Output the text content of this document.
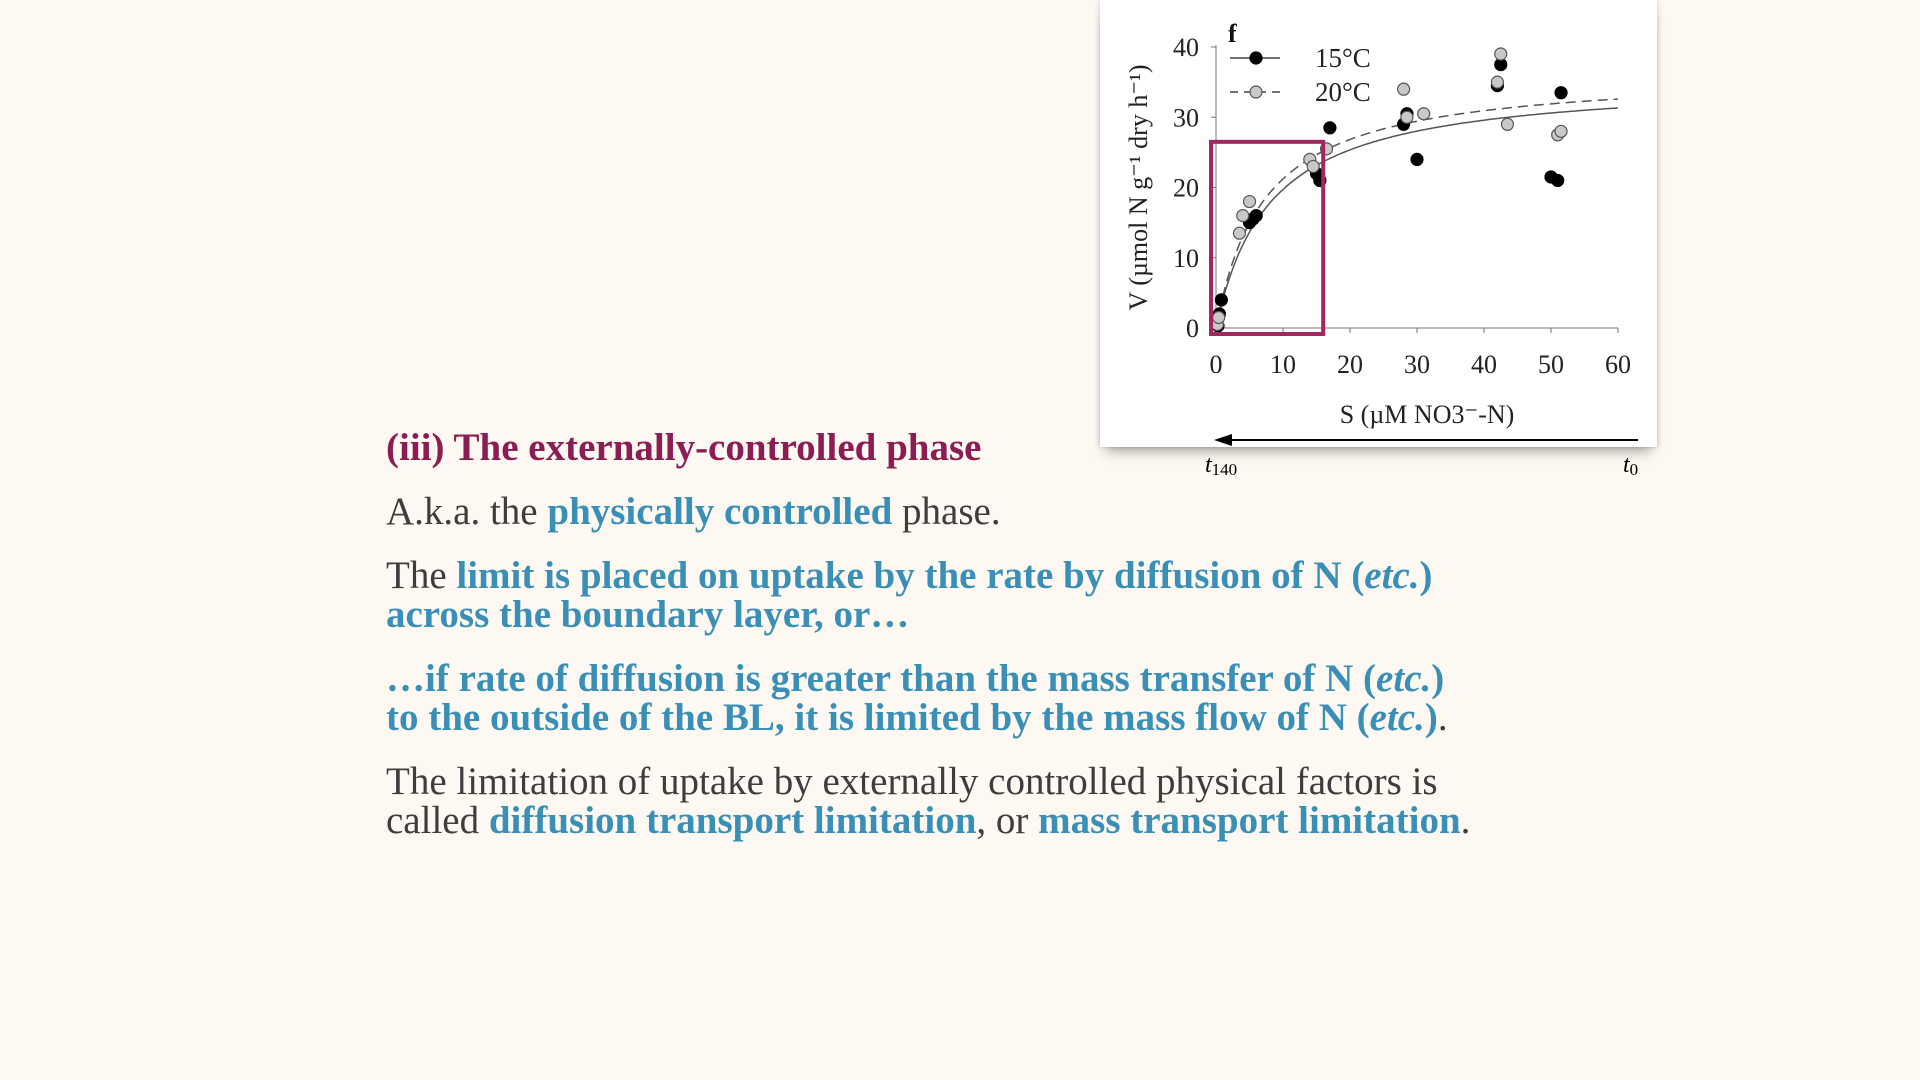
0 10 20 30 40 50 60
0
10
20
30
40
S (µM NO3⁻-N)
V (µmol N g⁻¹ dry h⁻¹)
f
15°C
20°C
$t_{140}$	$t_0$
(iii) The externally-controlled phase
A.k.a. the physically controlled phase.
The limit is placed on uptake by the rate by diffusion of N (etc.)
across the boundary layer, or…
…if rate of diffusion is greater than the mass transfer of N (etc.)
to the outside of the BL, it is limited by the mass flow of N (etc.).
The limitation of uptake by externally controlled physical factors is
called diffusion transport limitation, or mass transport limitation.
